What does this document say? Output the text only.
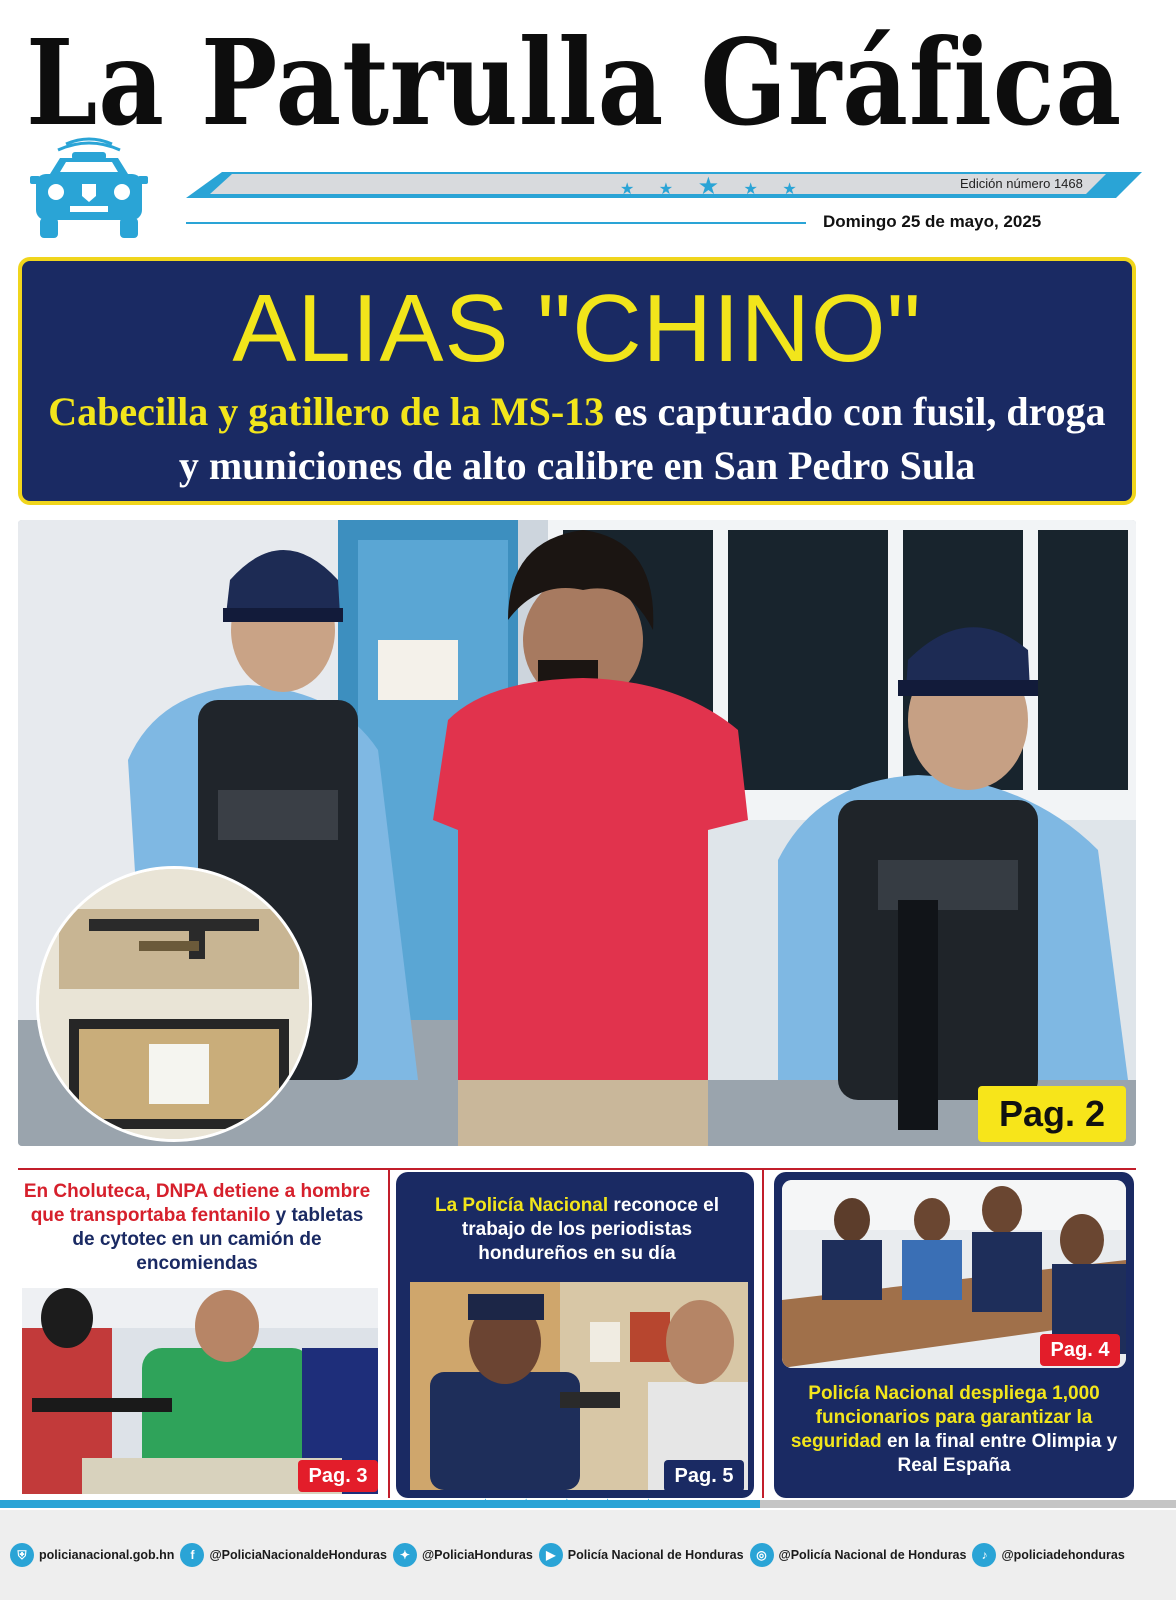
La Patrulla Gráfica
★ ★ ★ ★ ★	Edición número 1468
Domingo 25 de mayo, 2025
ALIAS "CHINO"
Cabecilla y gatillero de la MS-13 es capturado con fusil, droga y municiones de alto calibre en San Pedro Sula
Pag. 2
En Choluteca, DNPA detiene a hombre que transportaba fentanilo y tabletas de cytotec en un camión de encomiendas
Pag. 3
La Policía Nacional reconoce el trabajo de los periodistas hondureños en su día
Pag. 5
Pag. 4
Policía Nacional despliega 1,000 funcionarios para garantizar la seguridad en la final entre Olimpia y Real España
★★★★★
⛨	policianacional.gob.hn	f	@PoliciaNacionaldeHonduras	✦ @PoliciaHonduras	▶ Policía Nacional de Honduras	◎ @Policía Nacional de Honduras	♪	@policiadehonduras
